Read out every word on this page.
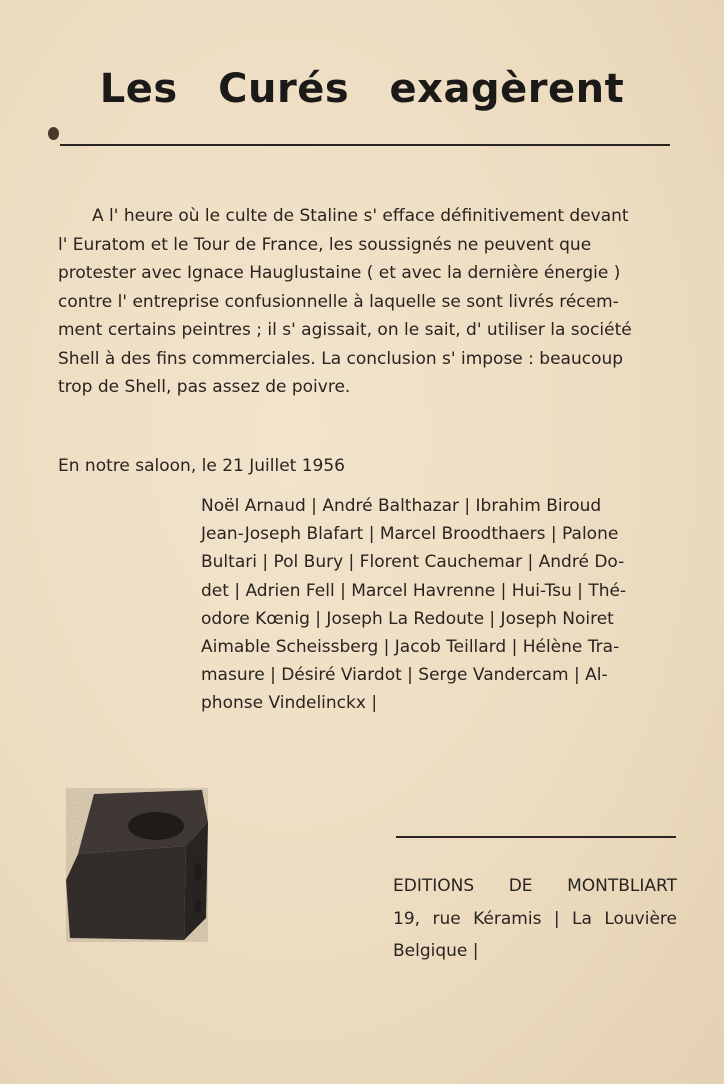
Les Curés exagèrent
A l' heure où le culte de Staline s' efface définitivement devant
l' Euratom et le Tour de France, les soussignés ne peuvent que
protester avec Ignace Hauglustaine ( et avec la dernière énergie )
contre l' entreprise confusionnelle à laquelle se sont livrés récem-
ment certains peintres ; il s' agissait, on le sait, d' utiliser la société
Shell à des fins commerciales. La conclusion s' impose : beaucoup
trop de Shell, pas assez de poivre.
En notre saloon, le 21 Juillet 1956
Noël Arnaud | André Balthazar | Ibrahim Biroud
Jean-Joseph Blafart | Marcel Broodthaers | Palone
Bultari | Pol Bury | Florent Cauchemar | André Do-
det | Adrien Fell | Marcel Havrenne | Hui-Tsu | Thé-
odore Kœnig | Joseph La Redoute | Joseph Noiret
Aimable Scheissberg | Jacob Teillard | Hélène Tra-
masure | Désiré Viardot | Serge Vandercam | Al-
phonse Vindelinckx |
EDITIONS DE MONTBLIART
19, rue Kéramis | La Louvière
Belgique |
